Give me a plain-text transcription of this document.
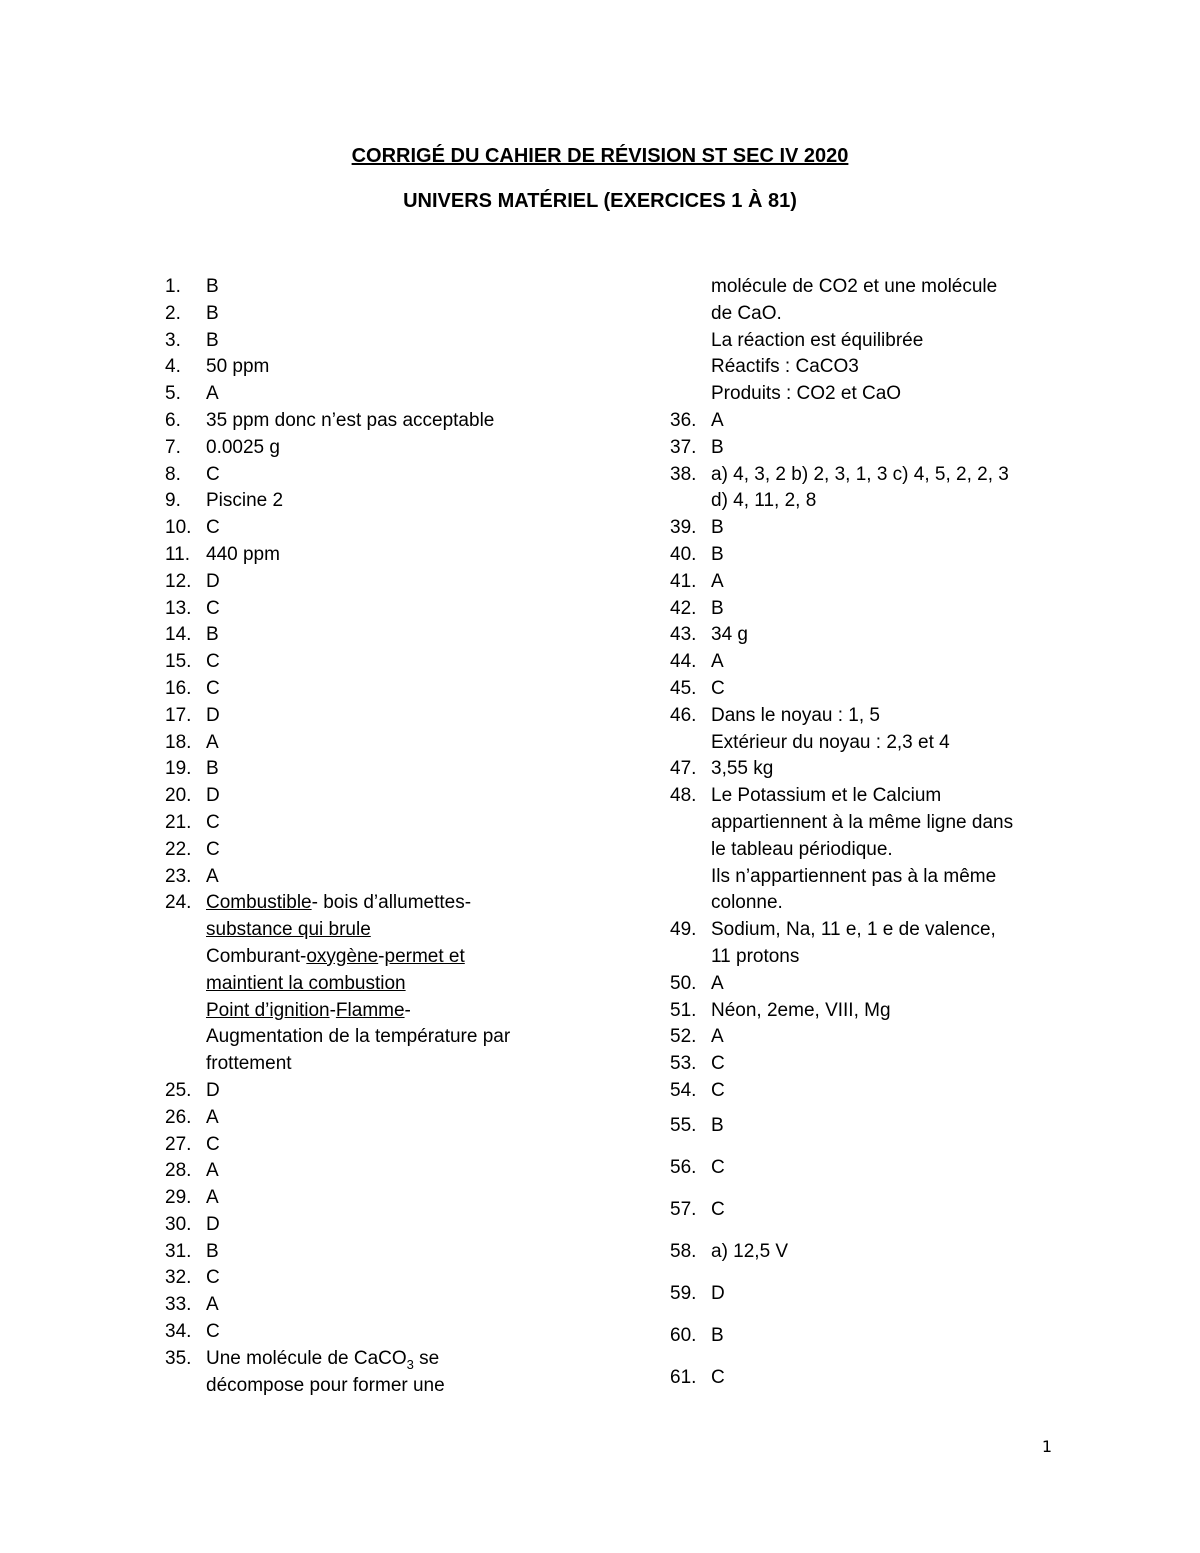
CORRIGÉ DU CAHIER DE RÉVISION ST SEC IV 2020
UNIVERS MATÉRIEL (EXERCICES 1 À 81)
1. B
2. B
3. B
4. 50 ppm
5. A
6. 35 ppm donc n’est pas acceptable
7. 0.0025 g
8. C
9. Piscine 2
10. C
11. 440 ppm
12. D
13. C
14. B
15. C
16. C
17. D
18. A
19. B
20. D
21. C
22. C
23. A
24. Combustible- bois d’allumettes-
substance qui brule
Comburant-oxygène-permet et
maintient la combustion
Point d’ignition-Flamme-
Augmentation de la température par
frottement
25. D
26. A
27. C
28. A
29. A
30. D
31. B
32. C
33. A
34. C
35. Une molécule de CaCO$_3$ se
décompose pour former une
molécule de CO2 et une molécule
de CaO.
La réaction est équilibrée
Réactifs : CaCO3
Produits : CO2 et CaO
36. A
37. B
38. a) 4, 3, 2 b) 2, 3, 1, 3 c) 4, 5, 2, 2, 3
d) 4, 11, 2, 8
39. B
40. B
41. A
42. B
43. 34 g
44. A
45. C
46. Dans le noyau : 1, 5
Extérieur du noyau : 2,3 et 4
47. 3,55 kg
48. Le Potassium et le Calcium
appartiennent à la même ligne dans
le tableau périodique.
Ils n’appartiennent pas à la même
colonne.
49. Sodium, Na, 11 e, 1 e de valence,
11 protons
50. A
51. Néon, 2eme, VIII, Mg
52. A
53. C
54. C
55. B
56. C
57. C
58. a) 12,5 V
59. D
60. B
61. C
1
